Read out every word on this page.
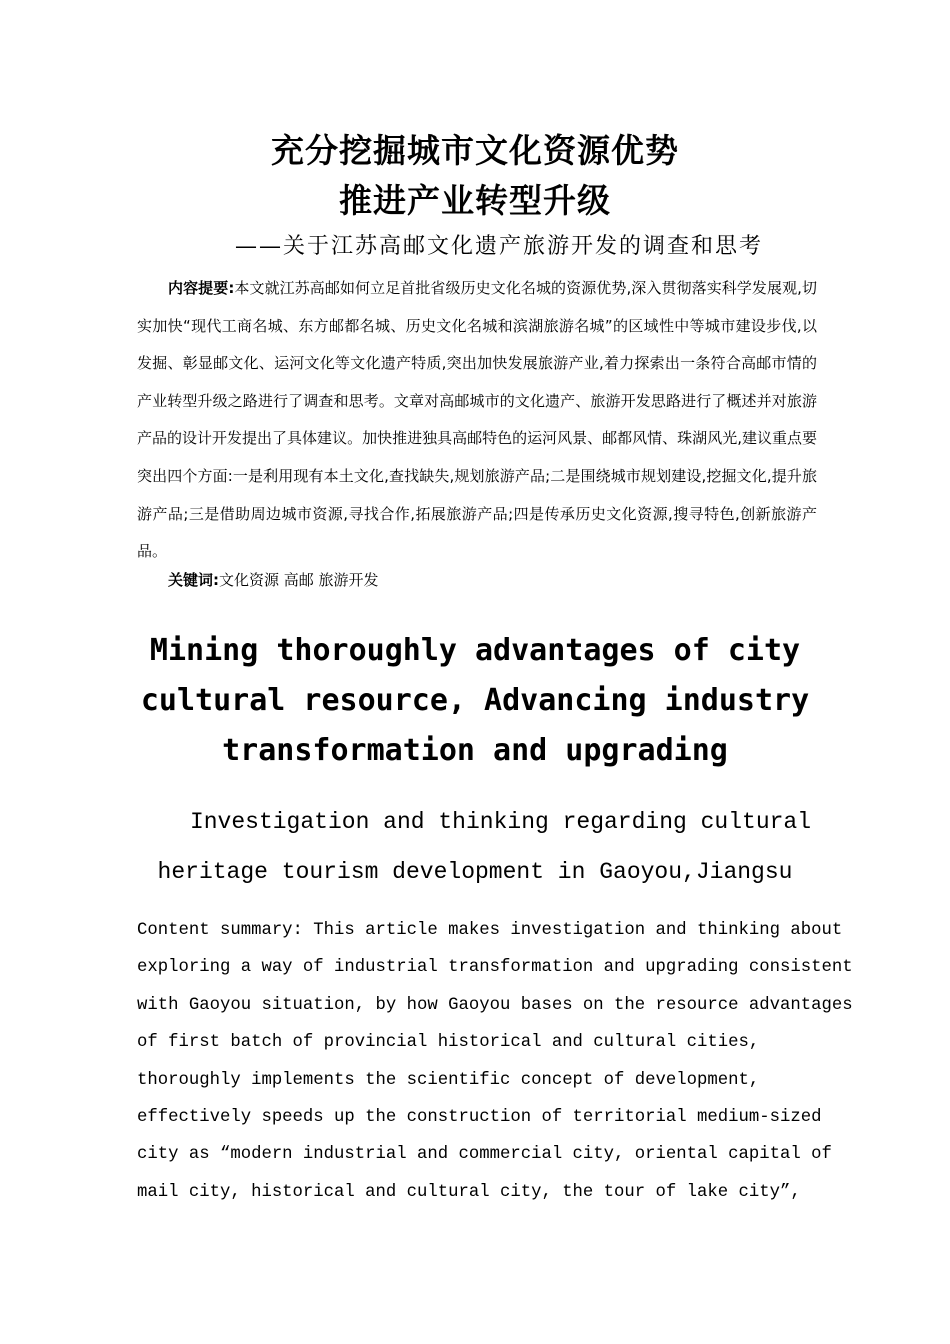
充分挖掘城市文化资源优势
推进产业转型升级

——关于江苏高邮文化遗产旅游开发的调查和思考

内容提要:本文就江苏高邮如何立足首批省级历史文化名城的资源优势,深入贯彻落实科学发展观,切实加快“现代工商名城、东方邮都名城、历史文化名城和滨湖旅游名城”的区域性中等城市建设步伐,以发掘、彰显邮文化、运河文化等文化遗产特质,突出加快发展旅游产业,着力探索出一条符合高邮市情的产业转型升级之路进行了调查和思考。文章对高邮城市的文化遗产、旅游开发思路进行了概述并对旅游产品的设计开发提出了具体建议。加快推进独具高邮特色的运河风景、邮都风情、珠湖风光,建议重点要突出四个方面:一是利用现有本土文化,查找缺失,规划旅游产品;二是围绕城市规划建设,挖掘文化,提升旅游产品;三是借助周边城市资源,寻找合作,拓展旅游产品;四是传承历史文化资源,搜寻特色,创新旅游产品。

关键词:文化资源 高邮 旅游开发

Mining thoroughly advantages of city
cultural resource, Advancing industry
transformation and upgrading

Investigation and thinking regarding cultural

heritage tourism development in Gaoyou,Jiangsu

Content summary: This article makes investigation and thinking about

exploring a way of industrial transformation and upgrading consistent

with Gaoyou situation, by how Gaoyou bases on the resource advantages

of first batch of provincial historical and cultural cities,

thoroughly implements the scientific concept of development,

effectively speeds up the construction of territorial medium-sized

city as “modern industrial and commercial city, oriental capital of

mail city, historical and cultural city, the tour of lake city”,
